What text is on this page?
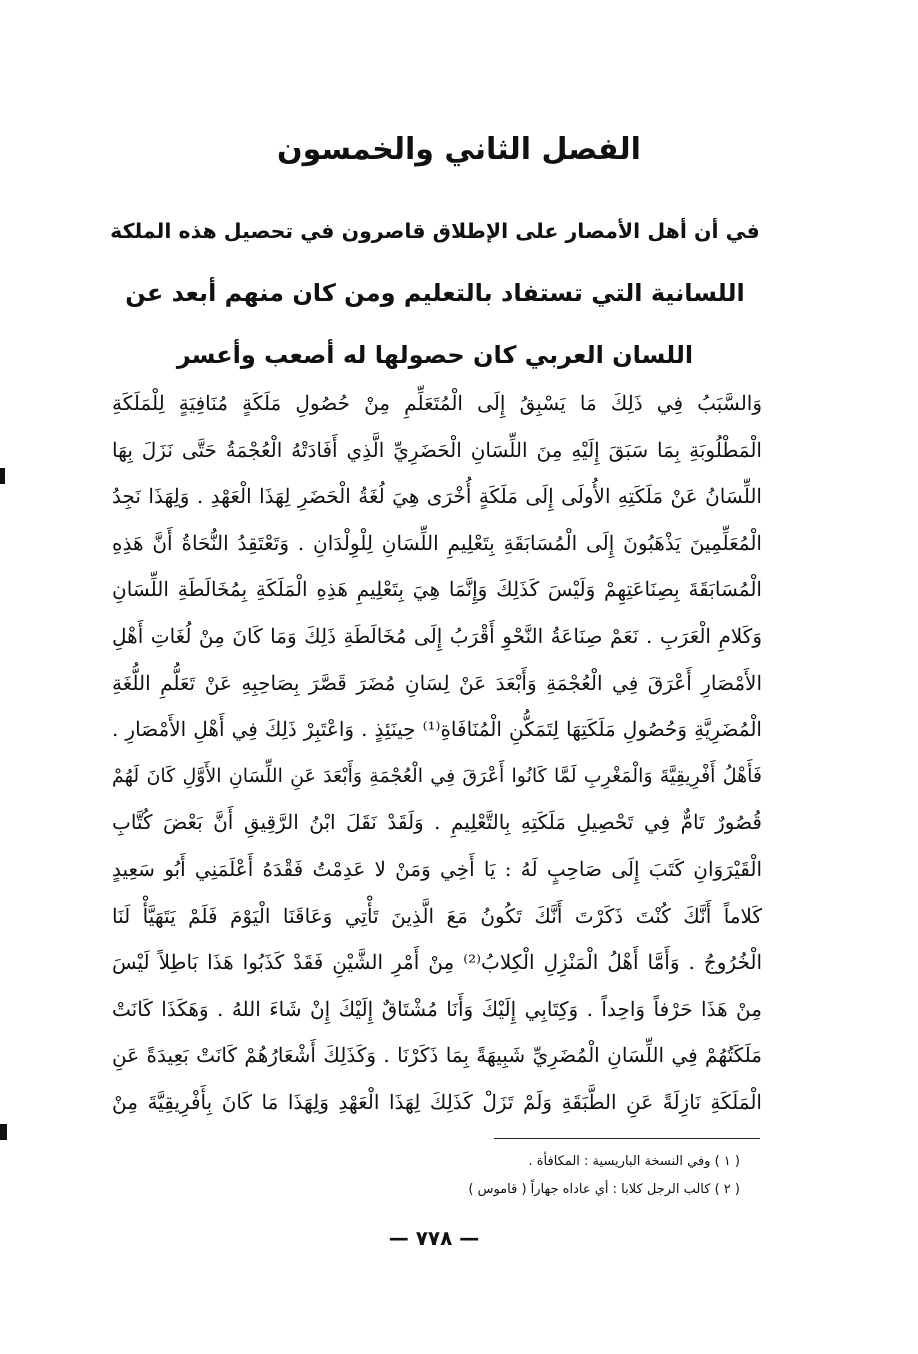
الفصل الثاني والخمسون
في أن أهل الأمصار على الإطلاق قاصرون في تحصيل هذه الملكة
اللسانية التي تستفاد بالتعليم ومن كان منهم أبعد عن
اللسان العربي كان حصولها له أصعب وأعسر
وَالسَّبَبُ فِي ذَلِكَ مَا يَسْبِقُ إِلَى الْمُتَعَلِّمِ مِنْ حُصُولِ مَلَكَةٍ مُنَافِيَةٍ لِلْمَلَكَةِ
الْمَطْلُوبَةِ بِمَا سَبَقَ إِلَيْهِ مِنَ اللِّسَانِ الْحَضَرِيِّ الَّذِي أَفَادَتْهُ الْعُجْمَةُ حَتَّى نَزَلَ بِهَا
اللِّسَانُ عَنْ مَلَكَتِهِ الأُولَى إِلَى مَلَكَةٍ أُخْرَى هِيَ لُغَةُ الْحَضَرِ لِهَذَا الْعَهْدِ . وَلِهَذَا نَجِدُ
الْمُعَلِّمِينَ يَذْهَبُونَ إِلَى الْمُسَابَقَةِ بِتَعْلِيمِ اللِّسَانِ لِلْوِلْدَانِ . وَتَعْتَقِدُ النُّحَاةُ أَنَّ هَذِهِ
الْمُسَابَقَةَ بِصِنَاعَتِهِمْ وَلَيْسَ كَذَلِكَ وَإِنَّمَا هِيَ بِتَعْلِيمِ هَذِهِ الْمَلَكَةِ بِمُخَالَطَةِ اللِّسَانِ
وَكَلامِ الْعَرَبِ . نَعَمْ صِنَاعَةُ النَّحْوِ أَقْرَبُ إِلَى مُخَالَطَةِ ذَلِكَ وَمَا كَانَ مِنْ لُغَاتِ أَهْلِ
الأَمْصَارِ أَعْرَقَ فِي الْعُجْمَةِ وَأَبْعَدَ عَنْ لِسَانِ مُضَرَ قَصَّرَ بِصَاحِبِهِ عَنْ تَعَلُّمِ اللُّغَةِ
الْمُضَرِيَّةِ وَحُصُولِ مَلَكَتِهَا لِتَمَكُّنِ الْمُنَافَاةِ⁽¹⁾ حِينَئِذٍ . وَاعْتَبِرْ ذَلِكَ فِي أَهْلِ الأَمْصَارِ .
فَأَهْلُ أَفْرِيقِيَّةَ وَالْمَغْرِبِ لَمَّا كَانُوا أَعْرَقَ فِي الْعُجْمَةِ وَأَبْعَدَ عَنِ اللِّسَانِ الأَوَّلِ كَانَ لَهُمْ
قُصُورٌ تَامٌّ فِي تَحْصِيلِ مَلَكَتِهِ بِالتَّعْلِيمِ . وَلَقَدْ نَقَلَ ابْنُ الرَّقِيقِ أَنَّ بَعْضَ كُتَّابِ
الْقَيْرَوَانِ كَتَبَ إِلَى صَاحِبٍ لَهُ : يَا أَخِي وَمَنْ لا عَدِمْتُ فَقْدَهُ أَعْلَمَنِي أَبُو سَعِيدٍ
كَلاماً أَنَّكَ كُنْتَ ذَكَرْتَ أَنَّكَ تَكُونُ مَعَ الَّذِينَ تَأْتِي وَعَاقَنَا الْيَوْمَ فَلَمْ يَتَهَيَّأْ لَنَا
الْخُرُوجُ . وَأَمَّا أَهْلُ الْمَنْزِلِ الْكِلابُ⁽²⁾ مِنْ أَمْرِ الشَّيْنِ فَقَدْ كَذَبُوا هَذَا بَاطِلاً لَيْسَ
مِنْ هَذَا حَرْفاً وَاحِداً . وَكِتَابِي إِلَيْكَ وَأَنَا مُشْتَاقٌ إِلَيْكَ إِنْ شَاءَ اللهُ . وَهَكَذَا كَانَتْ
مَلَكَتُهُمْ فِي اللِّسَانِ الْمُضَرِيِّ شَبِيهَةً بِمَا ذَكَرْنَا . وَكَذَلِكَ أَشْعَارُهُمْ كَانَتْ بَعِيدَةً عَنِ
الْمَلَكَةِ نَازِلَةً عَنِ الطَّبَقَةِ وَلَمْ تَزَلْ كَذَلِكَ لِهَذَا الْعَهْدِ وَلِهَذَا مَا كَانَ بِأَفْرِيقِيَّةَ مِنْ
( ١ ) وفي النسخة الباريسية : المكافأة .
( ٢ ) كالب الرجل كلابا : أي عاداه جهاراً ( قاموس )
— ٧٧٨ —
